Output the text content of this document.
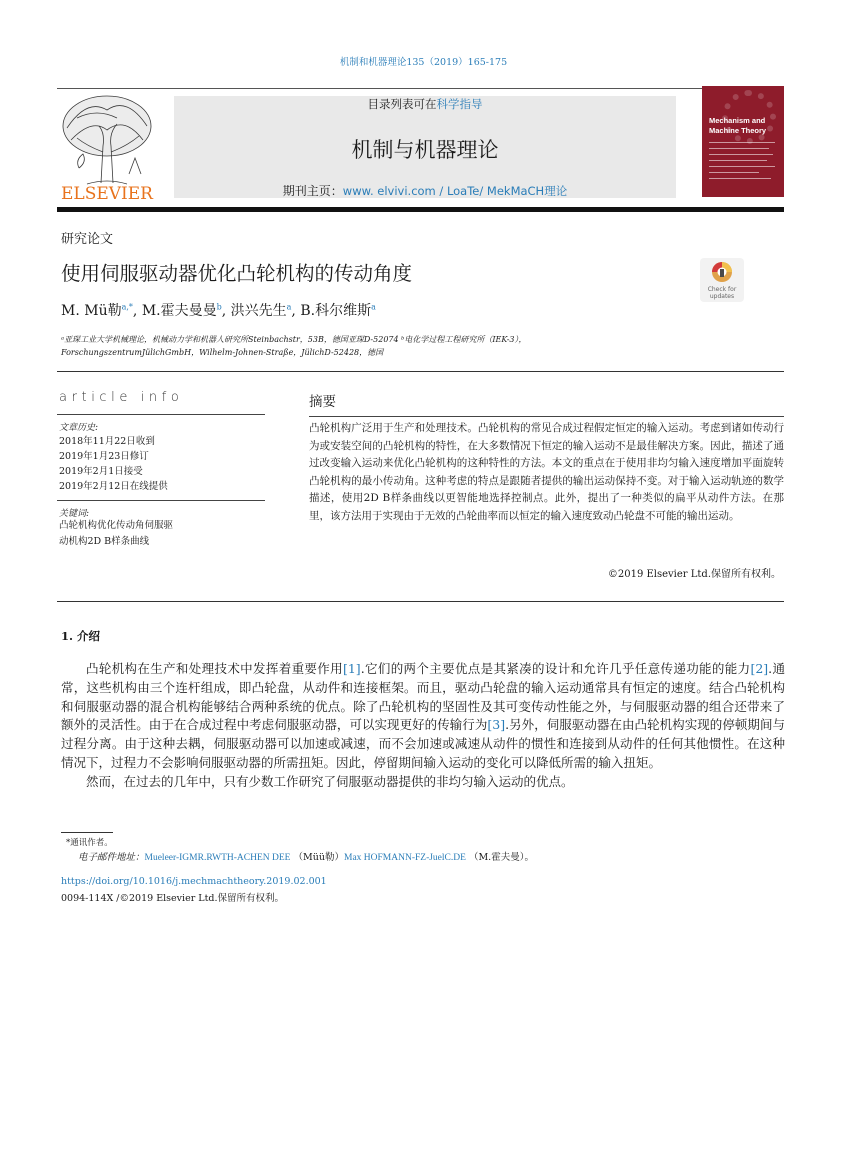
机制和机器理论135（2019）165-175
ELSEVIER
目录列表可在科学指导
机制与机器理论
期刊主页：www. elvivi.com / LoaTe/ MekMaCH理论
Mechanism and
Machine Theory
研究论文
使用伺服驱动器优化凸轮机构的传动角度
Check for
updates
M. Mü勒$^{a,*}$, M.霍夫曼曼$^b$, 洪兴先生$^a$, B.科尔维斯$^a$
ᵃ亚琛工业大学机械理论，机械动力学和机器人研究所Steinbachstr，53B，德国亚琛D-52074 ᵇ电化学过程工程研究所（IEK-3），
ForschungszentrumJülichGmbH，Wilhelm-Johnen-Straße，JülichD-52428，德国
article info
文章历史:
2018年11月22日收到
2019年1月23日修订
2019年2月1日接受
2019年2月12日在线提供
关键词:
凸轮机构优化传动角伺服驱动机构2D B样条曲线
摘要
凸轮机构广泛用于生产和处理技术。凸轮机构的常见合成过程假定恒定的输入运动。考虑到诸如传动行为或安装空间的凸轮机构的特性，在大多数情况下恒定的输入运动不是最佳解决方案。因此，描述了通过改变输入运动来优化凸轮机构的这种特性的方法。本文的重点在于使用非均匀输入速度增加平面旋转凸轮机构的最小传动角。这种考虑的特点是跟随者提供的输出运动保持不变。对于输入运动轨迹的数学描述，使用2D B样条曲线以更智能地选择控制点。此外，提出了一种类似的扁平从动件方法。在那里，该方法用于实现由于无效的凸轮曲率而以恒定的输入速度致动凸轮盘不可能的输出运动。
©2019 Elsevier Ltd.保留所有权利。
1. 介绍

凸轮机构在生产和处理技术中发挥着重要作用[1].它们的两个主要优点是其紧凑的设计和允许几乎任意传递功能的能力[2].通常，这些机构由三个连杆组成，即凸轮盘，从动件和连接框架。而且，驱动凸轮盘的输入运动通常具有恒定的速度。结合凸轮机构和伺服驱动器的混合机构能够结合两种系统的优点。除了凸轮机构的坚固性及其可变传动性能之外，与伺服驱动器的组合还带来了额外的灵活性。由于在合成过程中考虑伺服驱动器，可以实现更好的传输行为[3].另外，伺服驱动器在由凸轮机构实现的停顿期间与过程分离。由于这种去耦，伺服驱动器可以加速或减速，而不会加速或减速从动件的惯性和连接到从动件的任何其他惯性。在这种情况下，过程力不会影响伺服驱动器的所需扭矩。因此，停留期间输入运动的变化可以降低所需的输入扭矩。

然而，在过去的几年中，只有少数工作研究了伺服驱动器提供的非均匀输入运动的优点。

*通讯作者。
电子邮件地址：Mueleer-IGMR.RWTH-ACHEN DEE （Müü勒）Max HOFMANN-FZ-JuelC.DE （M.霍夫曼）。
https://doi.org/10.1016/j.mechmachtheory.2019.02.001
0094-114X /©2019 Elsevier Ltd.保留所有权利。
